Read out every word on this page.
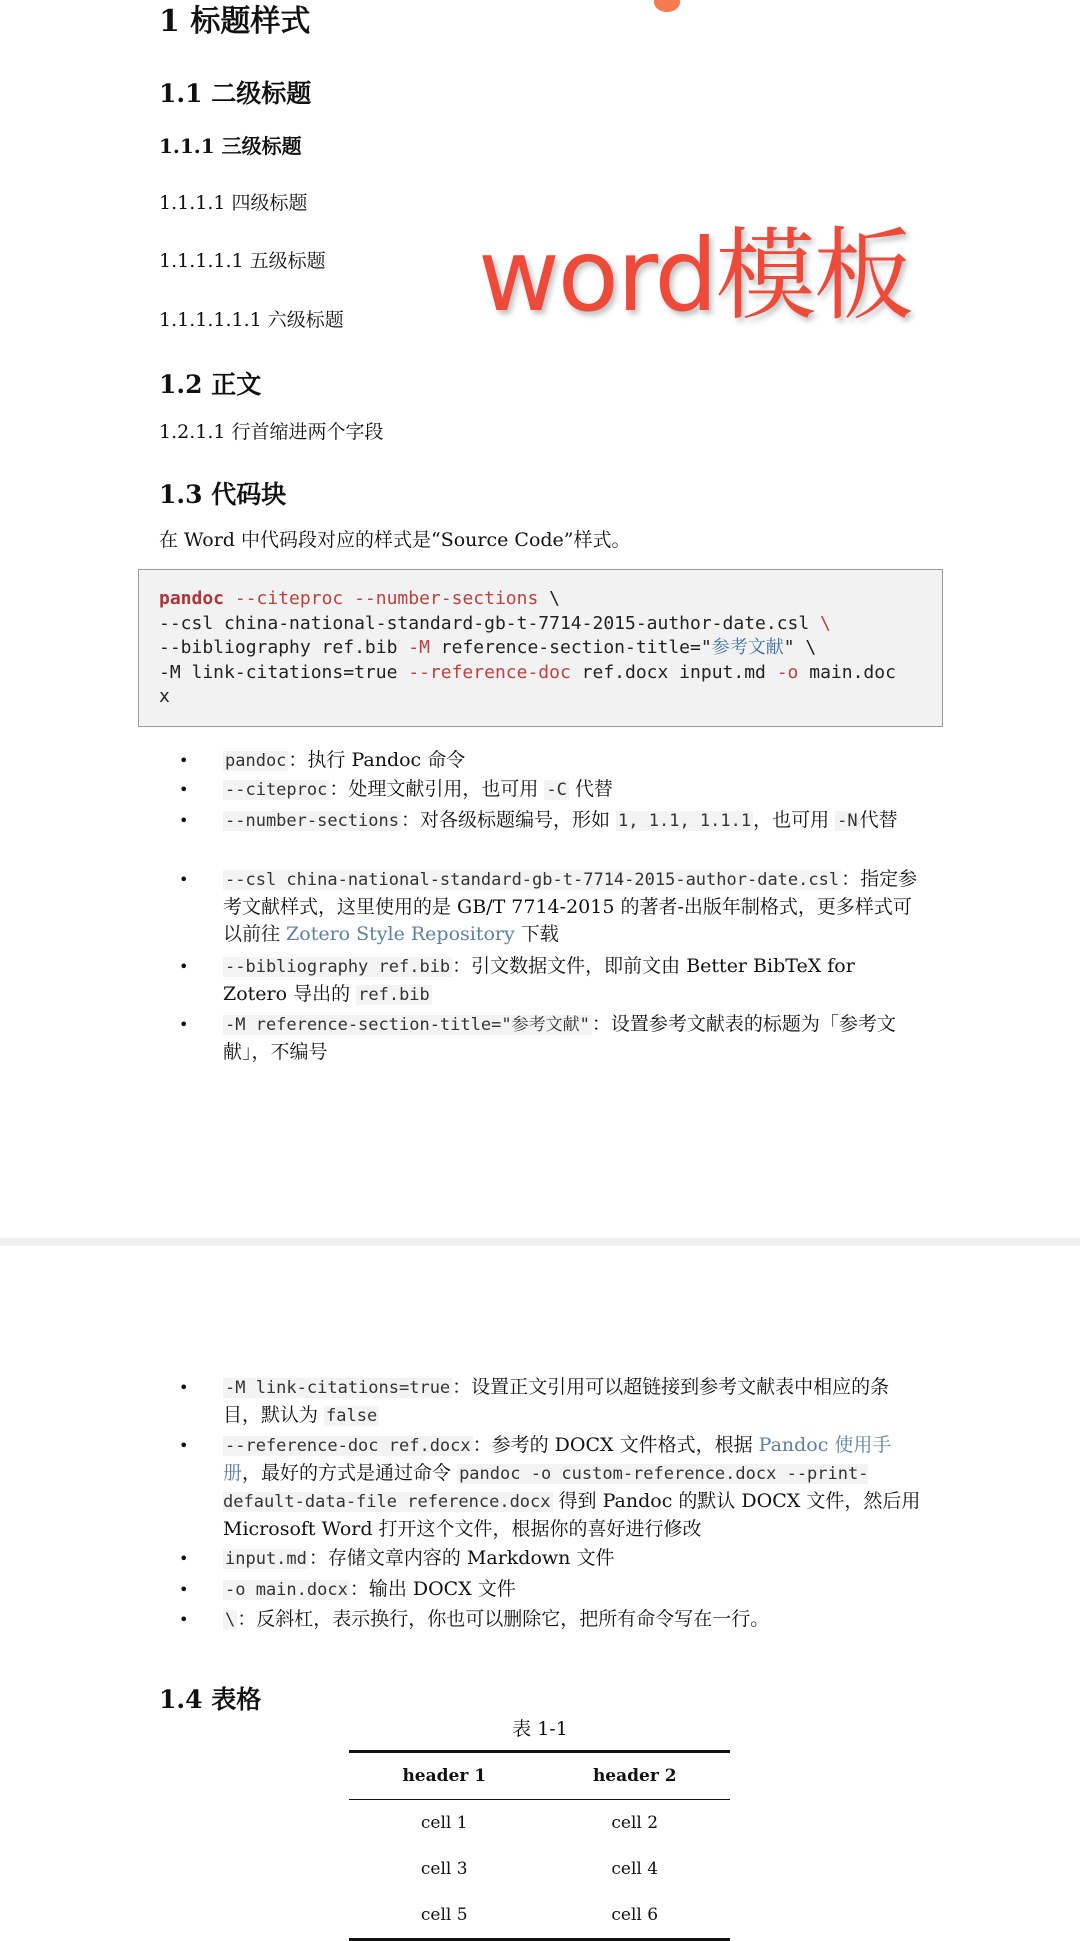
1 标题样式
1.1 二级标题
1.1.1 三级标题
1.1.1.1 四级标题
1.1.1.1.1 五级标题
1.1.1.1.1.1 六级标题 word模板
1.2 正文
1.2.1.1 行首缩进两个字段
1.3 代码块
在 Word 中代码段对应的样式是“Source Code”样式。
pandoc --citeproc --number-sections \
--csl china-national-standard-gb-t-7714-2015-author-date.csl \
--bibliography ref.bib -M reference-section-title="参考文献" \
-M link-citations=true --reference-doc ref.docx input.md -o main.doc
x
• pandoc ：执行 Pandoc 命令
• --citeproc ：处理文献引用，也可用 -C 代替
• --number-sections ：对各级标题编号，形如 1, 1.1, 1.1.1 ，也可用 -N 代替
• --csl china-national-standard-gb-t-7714-2015-author-date.csl ：指定参考文献样式，这里使用的是 GB/T 7714-2015 的著者-出版年制格式，更多样式可以前往 Zotero Style Repository 下载
• --bibliography ref.bib ：引文数据文件，即前文由 Better BibTeX for Zotero 导出的 ref.bib
• -M reference-section-title="参考文献" ：设置参考文献表的标题为「参考文献」，不编号
• -M link-citations=true ：设置正文引用可以超链接到参考文献表中相应的条目，默认为 false
• --reference-doc ref.docx ：参考的 DOCX 文件格式，根据 Pandoc 使用手册，最好的方式是通过命令 pandoc -o custom-reference.docx --print-default-data-file reference.docx 得到 Pandoc 的默认 DOCX 文件，然后用 Microsoft Word 打开这个文件，根据你的喜好进行修改
• input.md ：存储文章内容的 Markdown 文件
• -o main.docx ：输出 DOCX 文件
• \ ：反斜杠，表示换行，你也可以删除它，把所有命令写在一行。
1.4 表格
表 1-1
header 1	header 2
cell 1	cell 2
cell 3	cell 4
cell 5	cell 6
